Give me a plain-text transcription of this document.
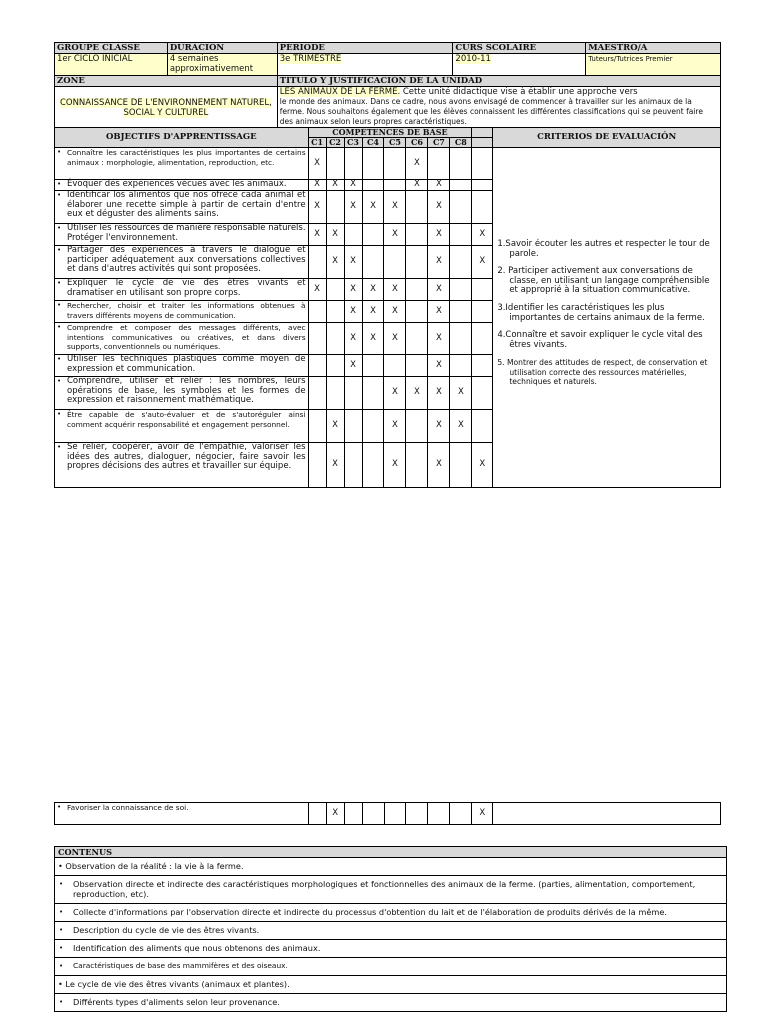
GROUPE CLASSE	DURACIÓN	PÉRIODE	CURS SCOLAIRE	MAESTRO/A
1er CICLO INICIAL	4 semaines approximativement	3e TRIMESTRE	2010-11	Tuteurs/Tutrices Premier
ZONE		TÍTULO Y JUSTIFICACIÓN DE LA UNIDAD		
CONNAISSANCE DE L'ENVIRONNEMENT NATUREL, SOCIAL Y CULTUREL		LES ANIMAUX DE LA FERME. Cette unité didactique vise à établir une approche vers
le monde des animaux. Dans ce cadre, nous avons envisagé de commencer à travailler sur les animaux de la ferme. Nous souhaitons également que les élèves connaissent les différentes classifications qui se peuvent faire des animaux selon leurs propres caractéristiques.		
OBJECTIFS D'APPRENTISSAGE	COMPÉTENCES DE BASE									CRITERIOS DE EVALUACIÓN
	C1	C2	C3	C4	C5	C6	C7	C8		
• Connaître les caractéristiques les plus importantes de certains animaux : morphologie, alimentation, reproduction, etc.	X					X				1.Savoir écouter les autres et respecter le tour de parole.

2. Participer activement aux conversations de classe, en utilisant un langage compréhensible et approprié à la situation communicative.

3.Identifier les caractéristiques les plus importantes de certains animaux de la ferme.

4.Connaître et savoir expliquer le cycle vital des êtres vivants.

5. Montrer des attitudes de respect, de conservation et utilisation correcte des ressources matérielles, techniques et naturels.

• Évoquer des expériences vécues avec les animaux.	X	X	X			X	X			
• Identificar los alimentos que nos ofrece cada animal et élaborer une recette simple à partir de certain d'entre eux et déguster des aliments sains.	X		X	X	X		X			
• Utiliser les ressources de manière responsable naturels. Protéger l'environnement.	X	X			X		X		X	
• Partager des expériences à travers le dialogue et participer adéquatement aux conversations collectives et dans d'autres activités qui sont proposées.		X	X				X		X	
• Expliquer le cycle de vie des êtres vivants et dramatiser en utilisant son propre corps.	X		X	X	X		X			
• Rechercher, choisir et traiter les informations obtenues à travers différents moyens de communication.			X	X	X		X			
• Comprendre et composer des messages différents, avec intentions communicatives ou créatives, et dans divers supports, conventionnels ou numériques.			X	X	X		X			
• Utiliser les techniques plastiques comme moyen de expression et communication.			X				X			
• Comprendre, utiliser et relier : les nombres, leurs opérations de base, les symboles et les formes de expression et raisonnement mathématique.					X	X	X	X		
• Être capable de s'auto-évaluer et de s'autoréguler ainsi comment acquérir responsabilité et engagement personnel.		X			X		X	X		
• Se relier, coopérer, avoir de l'empathie, valoriser les idées des autres, dialoguer, négocier, faire savoir les propres décisions des autres et travailler sur équipe.		X			X		X		X	
• Favoriser la connaissance de soi.		X							X	
CONTENUS
• Observation de la réalité : la vie à la ferme.
• Observation directe et indirecte des caractéristiques morphologiques et fonctionnelles des animaux de la ferme. (parties, alimentation, comportement, reproduction, etc).
• Collecte d'informations par l'observation directe et indirecte du processus d'obtention du lait et de l'élaboration de produits dérivés de la même.
• Description du cycle de vie des êtres vivants.
• Identification des aliments que nous obtenons des animaux.
• Caractéristiques de base des mammifères et des oiseaux.
• Le cycle de vie des êtres vivants (animaux et plantes).
• Différents types d'aliments selon leur provenance.
